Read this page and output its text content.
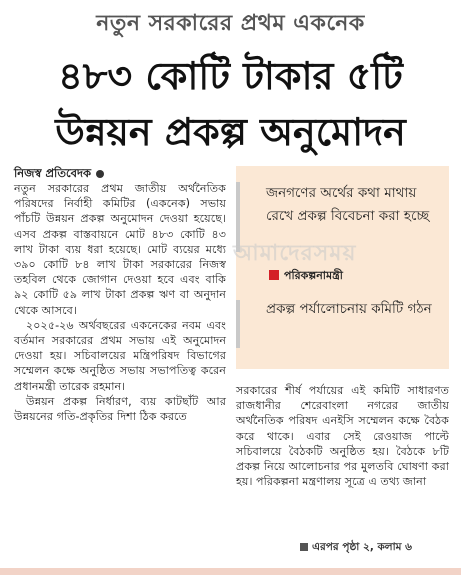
নতুন সরকারের প্রথম একনেক
৪৮৩ কোটি টাকার ৫টি
উন্নয়ন প্রকল্প অনুমোদন
নিজস্ব প্রতিবেদক

নতুন সরকারের প্রথম জাতীয় অর্থনৈতিক পরিষদের নির্বাহী কমিটির (একনেক) সভায় পাঁচটি উন্নয়ন প্রকল্প অনুমোদন দেওয়া হয়েছে। এসব প্রকল্প বাস্তবায়নে মোট ৪৮৩ কোটি ৪৩ লাখ টাকা ব্যয় ধরা হয়েছে। মোট ব্যয়ের মধ্যে ৩৯০ কোটি ৮৪ লাখ টাকা সরকারের নিজস্ব তহবিল থেকে জোগান দেওয়া হবে এবং বাকি ৯২ কোটি ৫৯ লাখ টাকা প্রকল্প ঋণ বা অনুদান থেকে আসবে।

২০২৫-২৬ অর্থবছরের একনেকের নবম এবং বর্তমান সরকারের প্রথম সভায় এই অনুমোদন দেওয়া হয়। সচিবালয়ের মন্ত্রিপরিষদ বিভাগের সম্মেলন কক্ষে অনুষ্ঠিত সভায় সভাপতিত্ব করেন প্রধানমন্ত্রী তারেক রহমান।

উন্নয়ন প্রকল্প নির্ধারণ, ব্যয় কাটছাঁট আর উন্নয়নের গতি-প্রকৃতির দিশা ঠিক করতে

জনগণের অর্থের কথা মাথায় রেখে প্রকল্প বিবেচনা করা হচ্ছে
পরিকল্পনামন্ত্রী
প্রকল্প পর্যালোচনায় কমিটি গঠন
আমাদেরসময়
সরকারের শীর্ষ পর্যায়ের এই কমিটি সাধারণত রাজধানীর শেরেবাংলা নগরের জাতীয় অর্থনৈতিক পরিষদ এনইসি সম্মেলন কক্ষে বৈঠক করে থাকে। এবার সেই রেওয়াজ পাল্টে সচিবালয়ে বৈঠকটি অনুষ্ঠিত হয়। বৈঠকে ৮টি প্রকল্প নিয়ে আলোচনার পর মুলতবি ঘোষণা করা হয়। পরিকল্পনা মন্ত্রণালয় সূত্রে এ তথ্য জানা
এরপর পৃষ্ঠা ২, কলাম ৬
